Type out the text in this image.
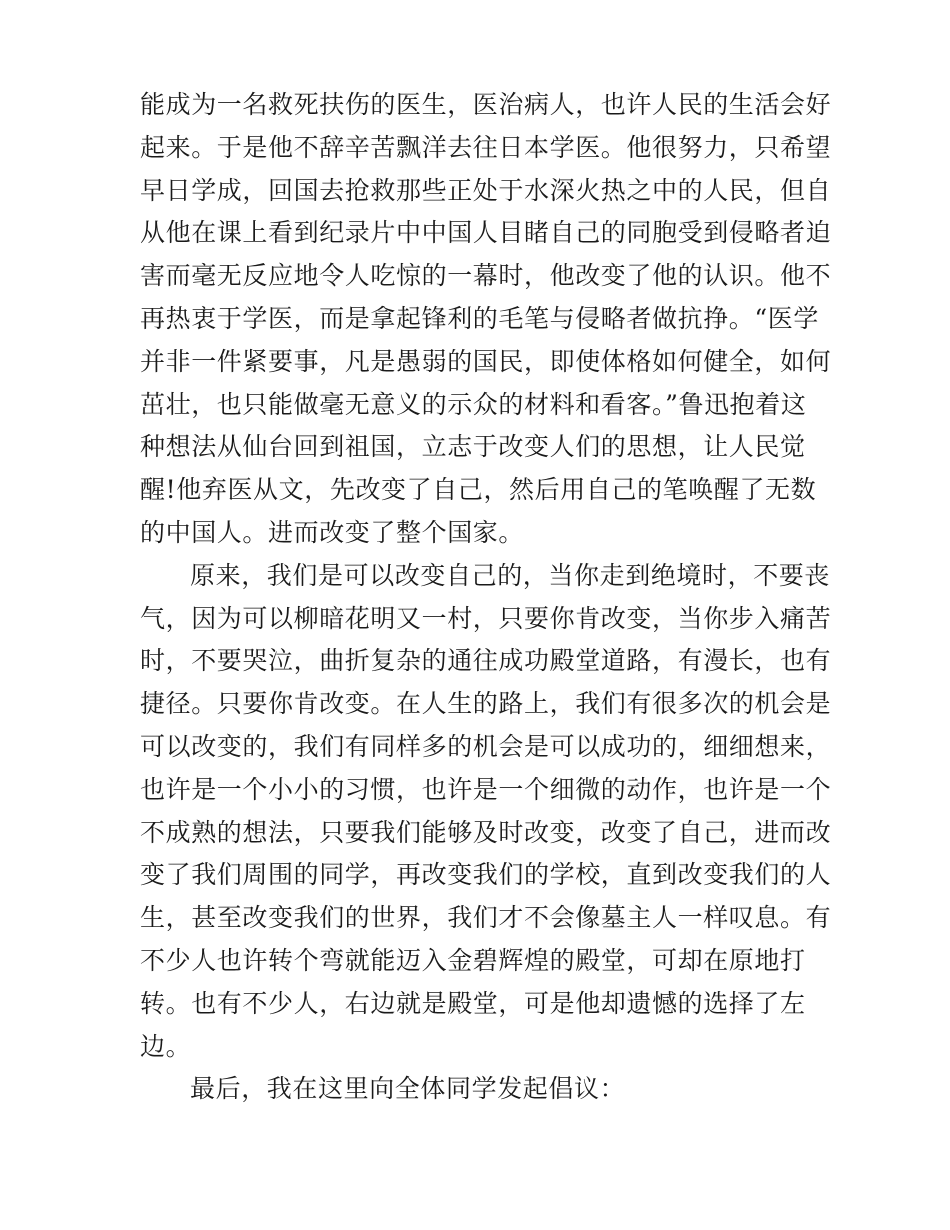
能成为一名救死扶伤的医生，医治病人，也许人民的生活会好
起来。于是他不辞辛苦飘洋去往日本学医。他很努力，只希望
早日学成，回国去抢救那些正处于水深火热之中的人民，但自
从他在课上看到纪录片中中国人目睹自己的同胞受到侵略者迫
害而毫无反应地令人吃惊的一幕时，他改变了他的认识。他不
再热衷于学医，而是拿起锋利的毛笔与侵略者做抗挣。“医学
并非一件紧要事，凡是愚弱的国民，即使体格如何健全，如何
茁壮，也只能做毫无意义的示众的材料和看客。”鲁迅抱着这
种想法从仙台回到祖国，立志于改变人们的思想，让人民觉
醒!他弃医从文，先改变了自己，然后用自己的笔唤醒了无数
的中国人。进而改变了整个国家。
原来，我们是可以改变自己的，当你走到绝境时，不要丧
气，因为可以柳暗花明又一村，只要你肯改变，当你步入痛苦
时，不要哭泣，曲折复杂的通往成功殿堂道路，有漫长，也有
捷径。只要你肯改变。在人生的路上，我们有很多次的机会是
可以改变的，我们有同样多的机会是可以成功的，细细想来，
也许是一个小小的习惯，也许是一个细微的动作，也许是一个
不成熟的想法，只要我们能够及时改变，改变了自己，进而改
变了我们周围的同学，再改变我们的学校，直到改变我们的人
生，甚至改变我们的世界，我们才不会像墓主人一样叹息。有
不少人也许转个弯就能迈入金碧辉煌的殿堂，可却在原地打
转。也有不少人，右边就是殿堂，可是他却遗憾的选择了左
边。
最后，我在这里向全体同学发起倡议：
